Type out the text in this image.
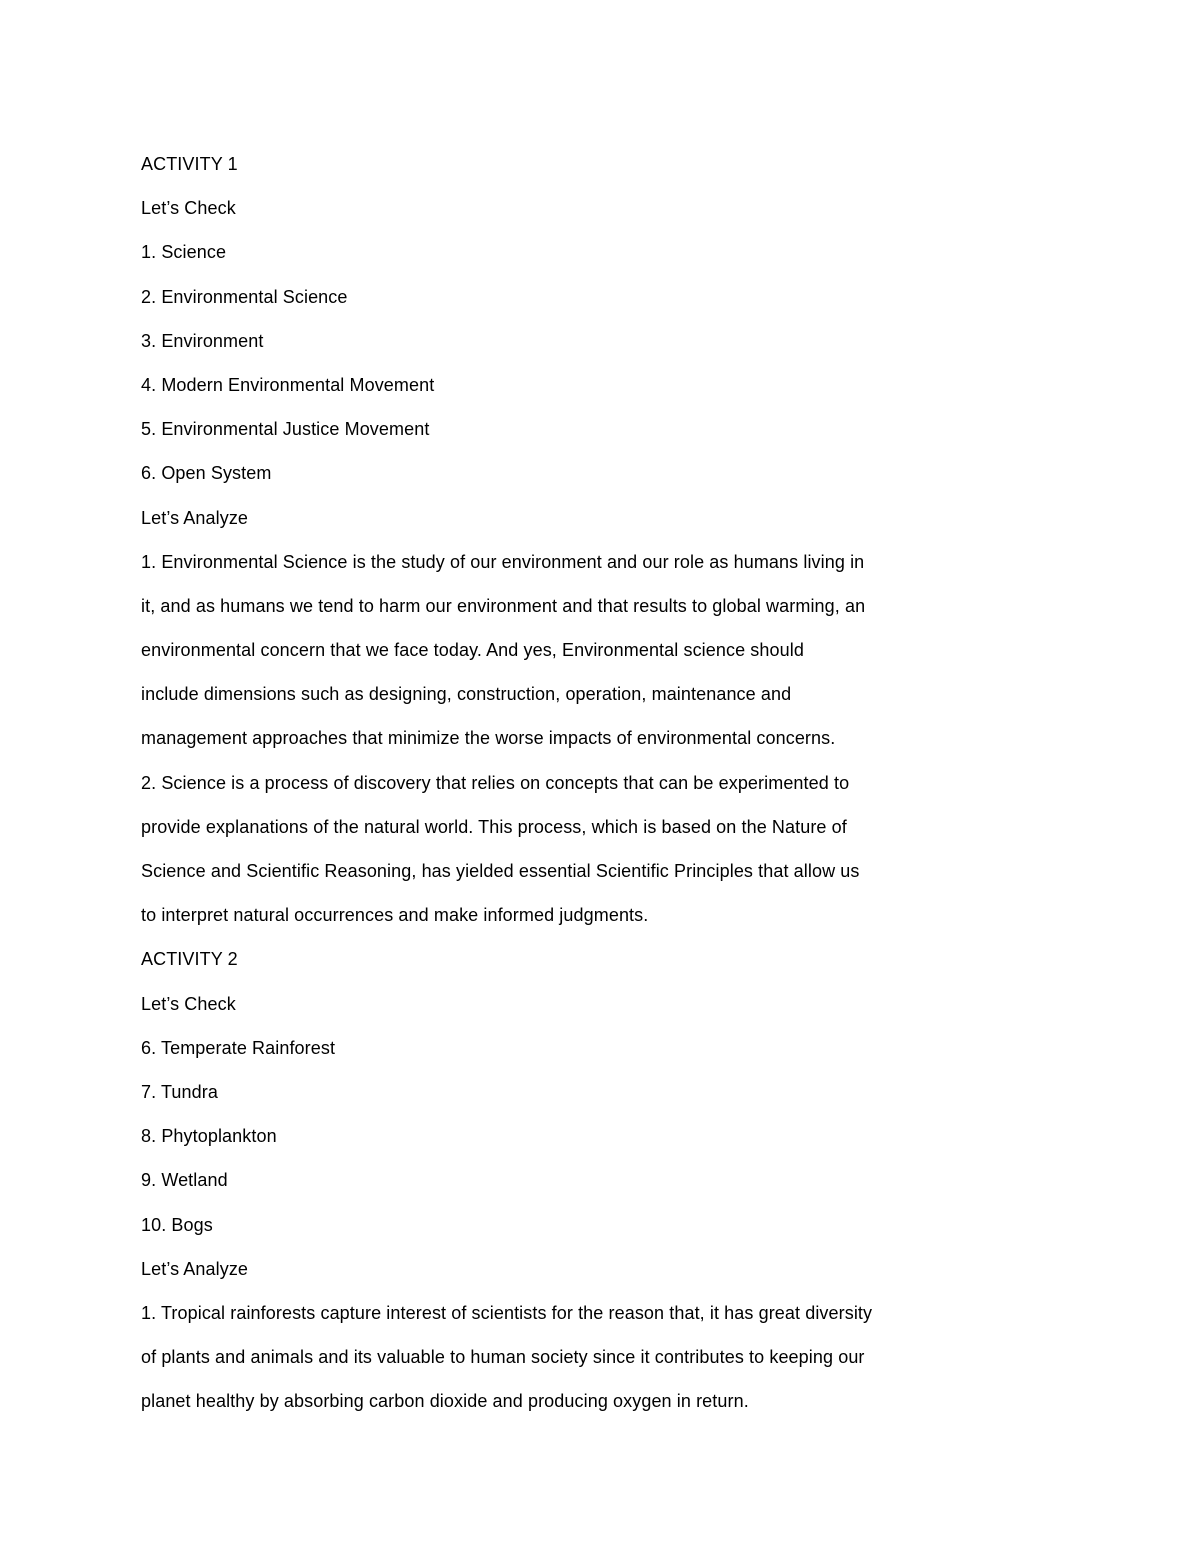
ACTIVITY 1
Let’s Check
1. Science
2. Environmental Science
3. Environment
4. Modern Environmental Movement
5. Environmental Justice Movement
6. Open System
Let’s Analyze
1. Environmental Science is the study of our environment and our role as humans living in
it, and as humans we tend to harm our environment and that results to global warming, an
environmental concern that we face today. And yes, Environmental science should
include dimensions such as designing, construction, operation, maintenance and
management approaches that minimize the worse impacts of environmental concerns.
2. Science is a process of discovery that relies on concepts that can be experimented to
provide explanations of the natural world. This process, which is based on the Nature of
Science and Scientific Reasoning, has yielded essential Scientific Principles that allow us
to interpret natural occurrences and make informed judgments.
ACTIVITY 2
Let’s Check
6. Temperate Rainforest
7. Tundra
8. Phytoplankton
9. Wetland
10. Bogs
Let’s Analyze
1. Tropical rainforests capture interest of scientists for the reason that, it has great diversity
of plants and animals and its valuable to human society since it contributes to keeping our
planet healthy by absorbing carbon dioxide and producing oxygen in return.
